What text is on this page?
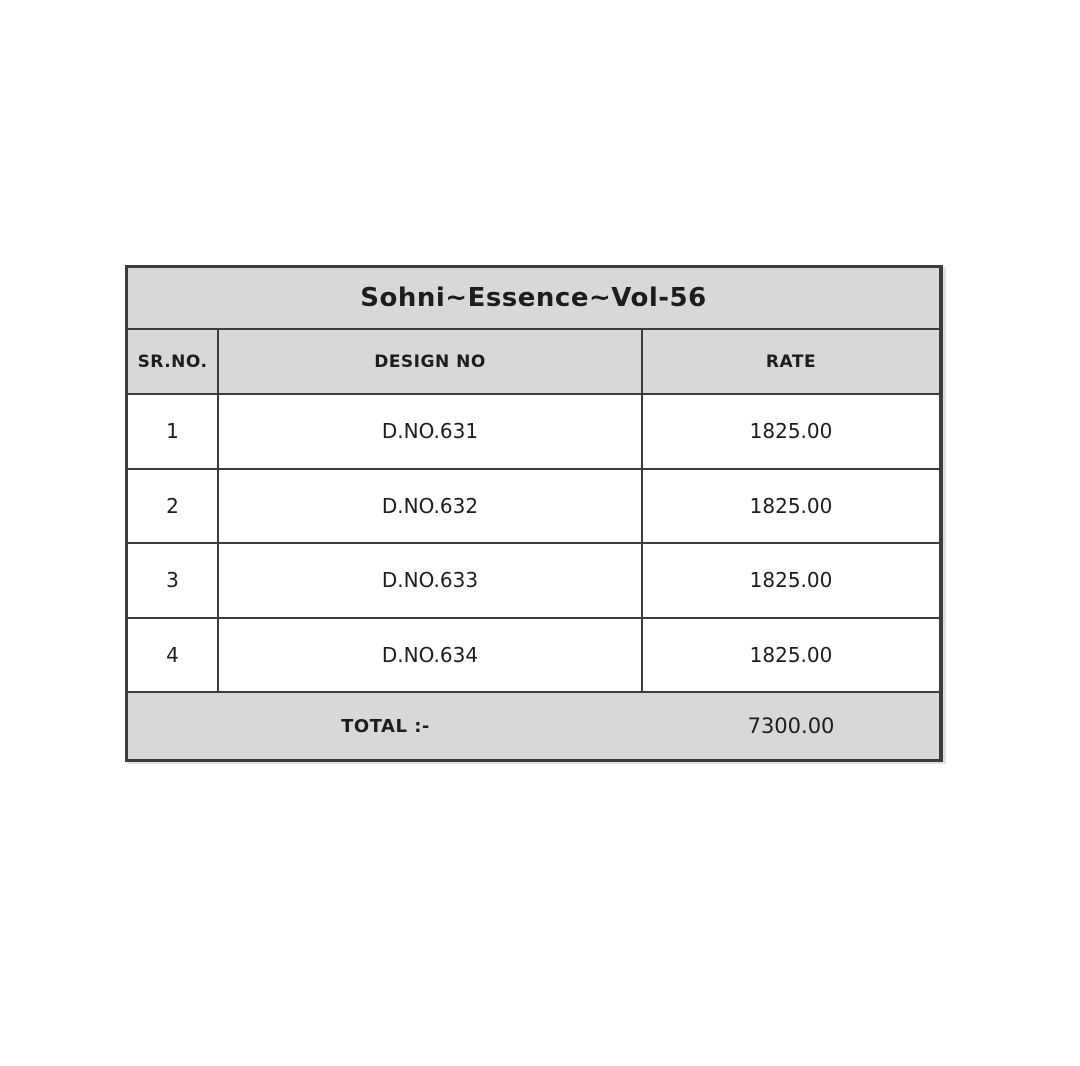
Sohni~Essence~Vol-56
SR.NO.	DESIGN NO	RATE
1	D.NO.631	1825.00
2	D.NO.632	1825.00
3	D.NO.633	1825.00
4	D.NO.634	1825.00
TOTAL :-	7300.00
